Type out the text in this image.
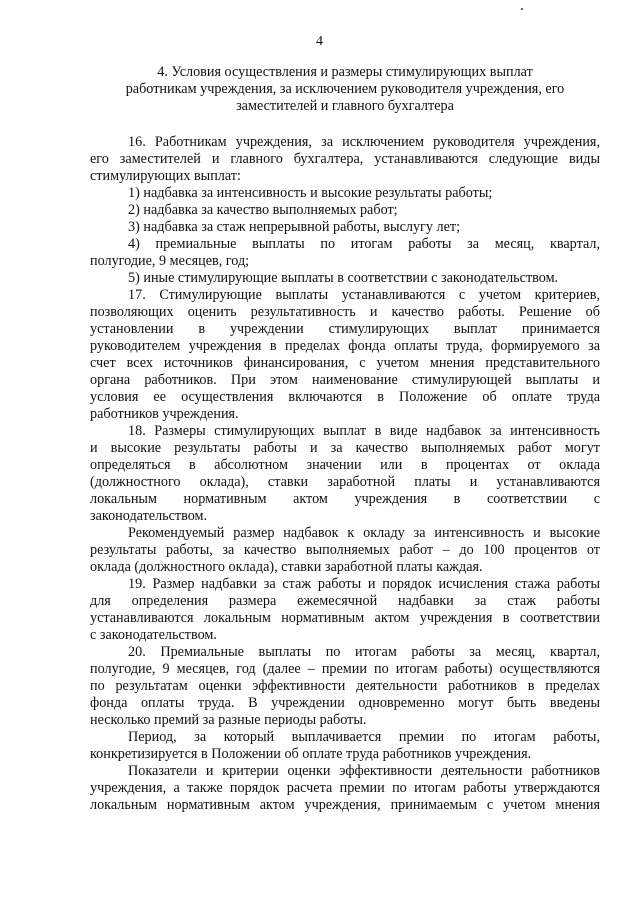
4
4. Условия осуществления и размеры стимулирующих выплат
работникам учреждения, за исключением руководителя учреждения, его
заместителей и главного бухгалтера
16. Работникам учреждения, за исключением руководителя учреждения,
его заместителей и главного бухгалтера, устанавливаются следующие виды
стимулирующих выплат:
1) надбавка за интенсивность и высокие результаты работы;
2) надбавка за качество выполняемых работ;
3) надбавка за стаж непрерывной работы, выслугу лет;
4) премиальные выплаты по итогам работы за месяц, квартал,
полугодие, 9 месяцев, год;
5) иные стимулирующие выплаты в соответствии с законодательством.
17. Стимулирующие выплаты устанавливаются с учетом критериев,
позволяющих оценить результативность и качество работы. Решение об
установлении в учреждении стимулирующих выплат принимается
руководителем учреждения в пределах фонда оплаты труда, формируемого за
счет всех источников финансирования, с учетом мнения представительного
органа работников. При этом наименование стимулирующей выплаты и
условия ее осуществления включаются в Положение об оплате труда
работников учреждения.
18. Размеры стимулирующих выплат в виде надбавок за интенсивность
и высокие результаты работы и за качество выполняемых работ могут
определяться в абсолютном значении или в процентах от оклада
(должностного оклада), ставки заработной платы и устанавливаются
локальным нормативным актом учреждения в соответствии с
законодательством.
Рекомендуемый размер надбавок к окладу за интенсивность и высокие
результаты работы, за качество выполняемых работ – до 100 процентов от
оклада (должностного оклада), ставки заработной платы каждая.
19. Размер надбавки за стаж работы и порядок исчисления стажа работы
для определения размера ежемесячной надбавки за стаж работы
устанавливаются локальным нормативным актом учреждения в соответствии
с законодательством.
20. Премиальные выплаты по итогам работы за месяц, квартал,
полугодие, 9 месяцев, год (далее – премии по итогам работы) осуществляются
по результатам оценки эффективности деятельности работников в пределах
фонда оплаты труда. В учреждении одновременно могут быть введены
несколько премий за разные периоды работы.
Период, за который выплачивается премии по итогам работы,
конкретизируется в Положении об оплате труда работников учреждения.
Показатели и критерии оценки эффективности деятельности работников
учреждения, а также порядок расчета премии по итогам работы утверждаются
локальным нормативным актом учреждения, принимаемым с учетом мнения
